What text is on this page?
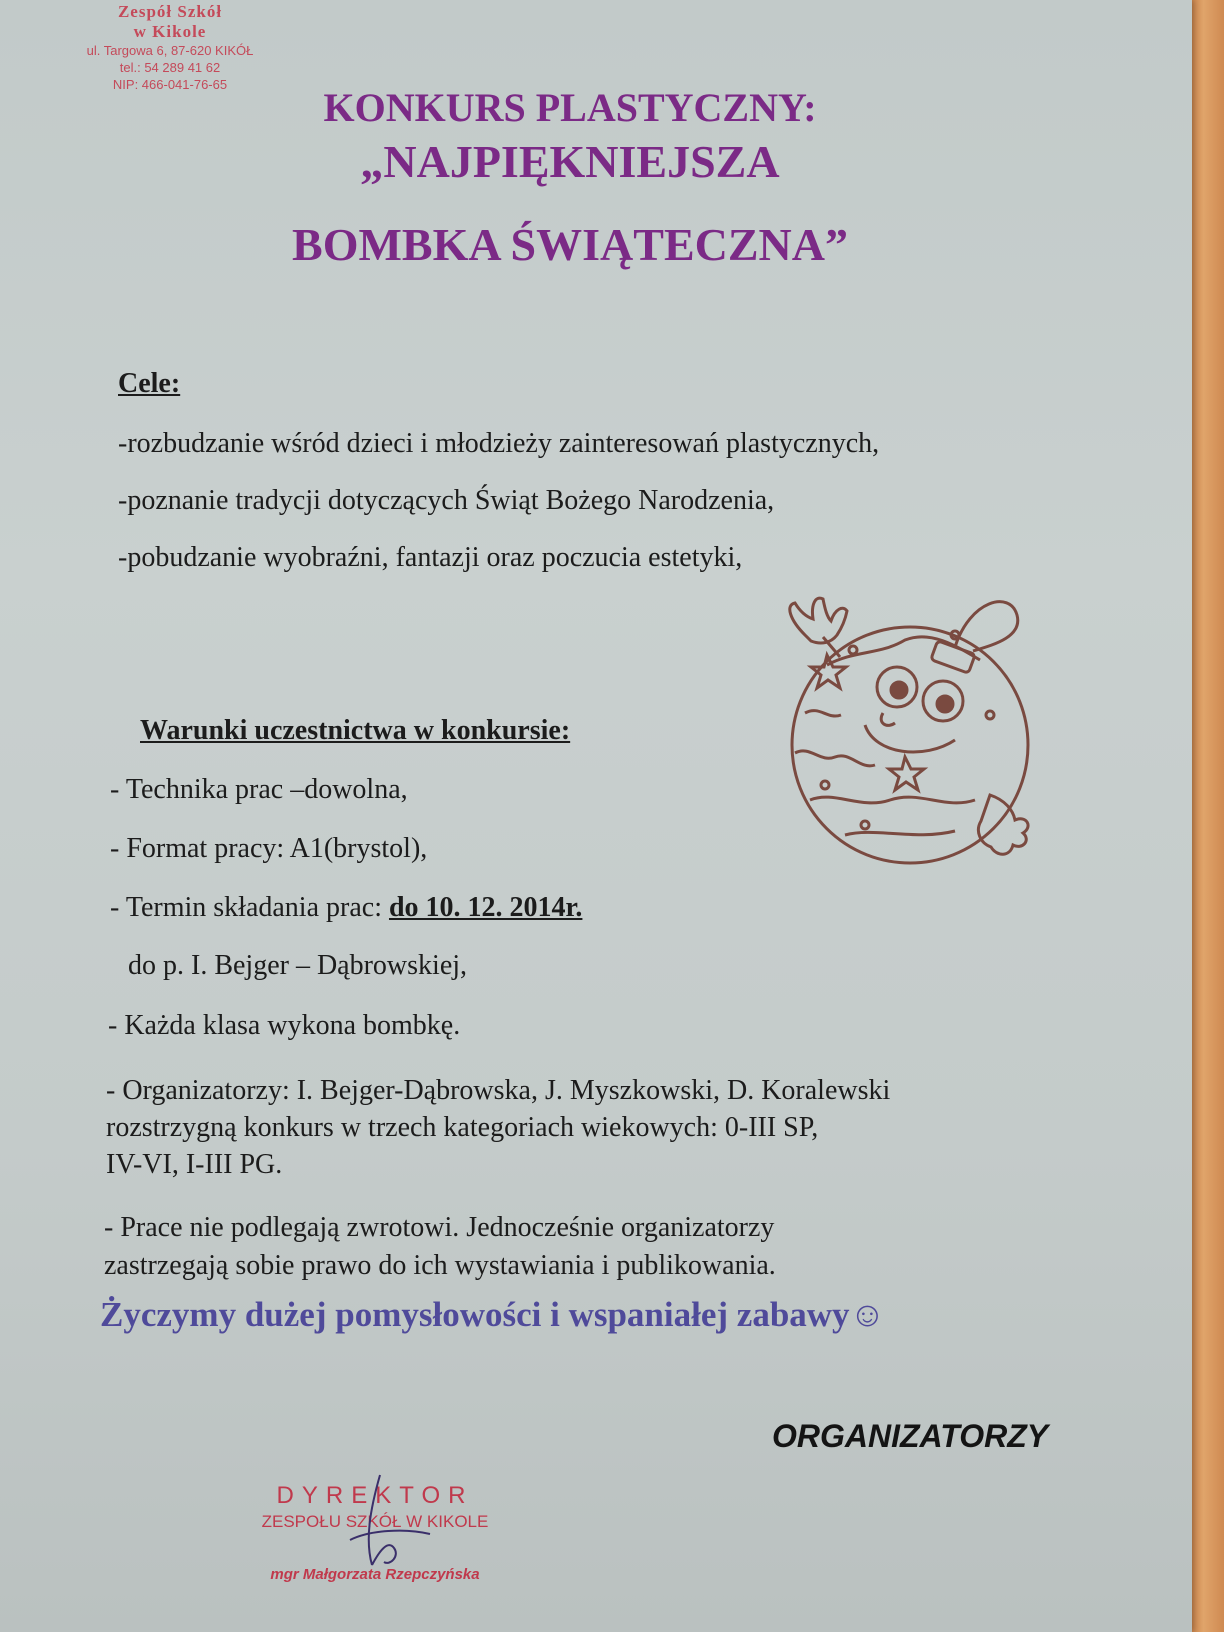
Zespół Szkół
w Kikole
ul. Targowa 6, 87-620 KIKÓŁ
tel.: 54 289 41 62
NIP: 466-041-76-65
KONKURS PLASTYCZNY:
„NAJPIĘKNIEJSZA
BOMBKA ŚWIĄTECZNA”
Cele:
-rozbudzanie wśród dzieci i młodzieży zainteresowań plastycznych,
-poznanie tradycji dotyczących Świąt Bożego Narodzenia,
-pobudzanie wyobraźni, fantazji oraz poczucia estetyki,
Warunki uczestnictwa w konkursie:
- Technika prac –dowolna,
- Format pracy: A1(brystol),
- Termin składania prac: do 10. 12. 2014r.
do p. I. Bejger – Dąbrowskiej,
- Każda klasa wykona bombkę.
- Organizatorzy: I. Bejger-Dąbrowska, J. Myszkowski, D. Koralewski
rozstrzygną konkurs w trzech kategoriach wiekowych: 0-III SP,
IV-VI, I-III PG.
- Prace nie podlegają zwrotowi. Jednocześnie organizatorzy
zastrzegają sobie prawo do ich wystawiania i publikowania.
Życzymy dużej pomysłowości i wspaniałej zabawy☺
ORGANIZATORZY
DYREKTOR
ZESPOŁU SZKÓŁ W KIKOLE
mgr Małgorzata Rzepczyńska
